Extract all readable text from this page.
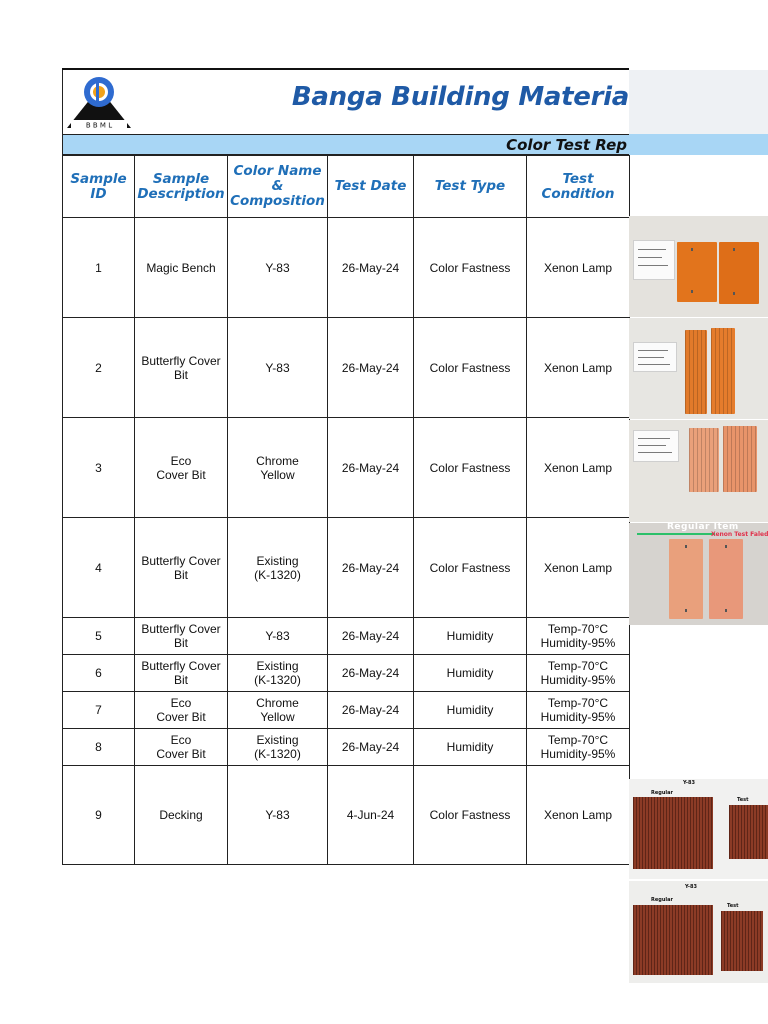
B B M L
Banga Building Materia
Color Test Rep
Sample ID	Sample Description	Color Name & Composition	Test Date	Test Type	Test Condition
1	Magic Bench	Y-83	26-May-24	Color Fastness	Xenon Lamp
2	Butterfly Cover Bit	Y-83	26-May-24	Color Fastness	Xenon Lamp
3	Eco
Cover Bit	Chrome
Yellow	26-May-24	Color Fastness	Xenon Lamp
4	Butterfly Cover Bit	Existing
(K-1320)	26-May-24	Color Fastness	Xenon Lamp
5	Butterfly Cover Bit	Y-83	26-May-24	Humidity	Temp-70°C
Humidity-95%
6	Butterfly Cover Bit	Existing
(K-1320)	26-May-24	Humidity	Temp-70°C
Humidity-95%
7	Eco
Cover Bit	Chrome
Yellow	26-May-24	Humidity	Temp-70°C
Humidity-95%
8	Eco
Cover Bit	Existing
(K-1320)	26-May-24	Humidity	Temp-70°C
Humidity-95%
9	Decking	Y-83	4-Jun-24	Color Fastness	Xenon Lamp
Regular Item
Xenon Test Faled
Y-83
Regular
Test
Y-83
Regular
Test
